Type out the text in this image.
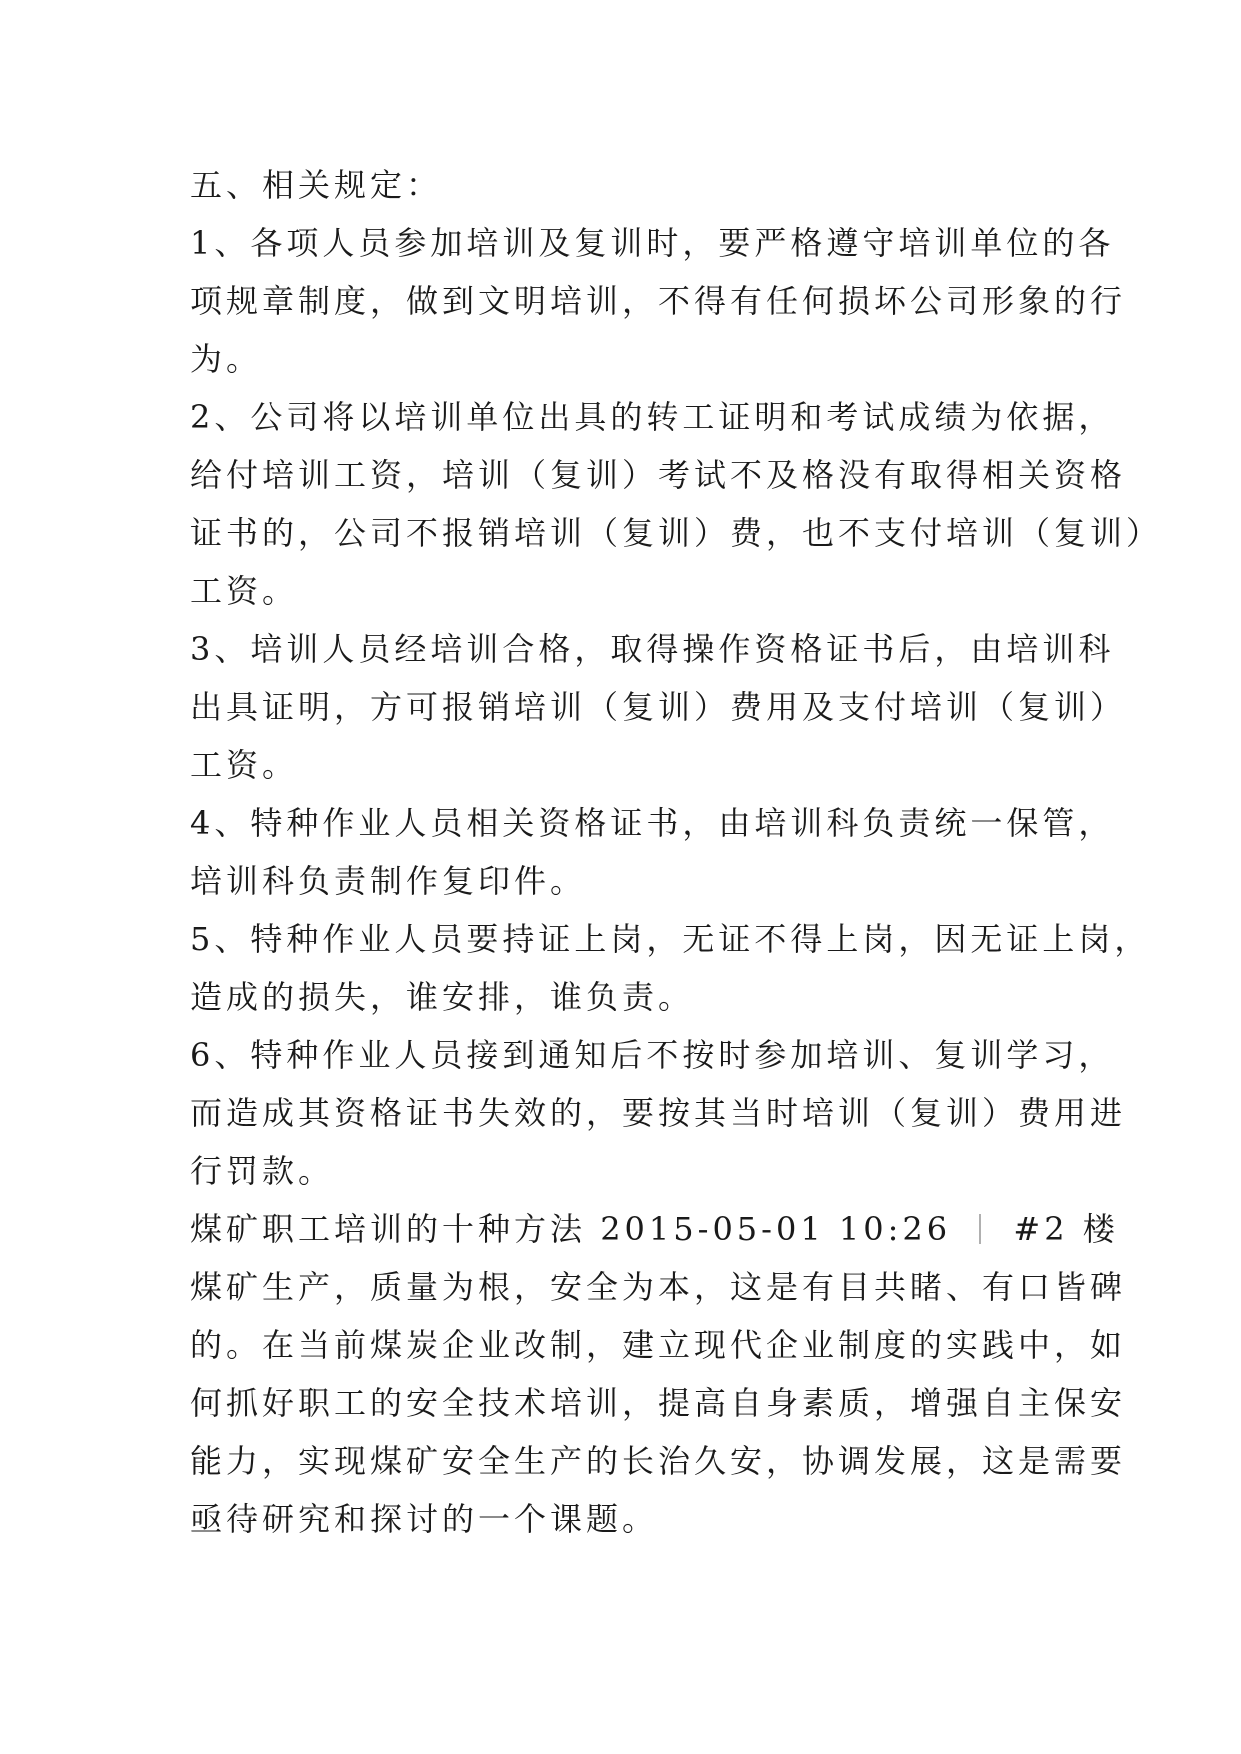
五、相关规定：
1、各项人员参加培训及复训时，要严格遵守培训单位的各
项规章制度，做到文明培训，不得有任何损坏公司形象的行
为。
2、公司将以培训单位出具的转工证明和考试成绩为依据，
给付培训工资，培训（复训）考试不及格没有取得相关资格
证书的，公司不报销培训（复训）费，也不支付培训（复训）
工资。
3、培训人员经培训合格，取得操作资格证书后，由培训科
出具证明，方可报销培训（复训）费用及支付培训（复训）
工资。
4、特种作业人员相关资格证书，由培训科负责统一保管，
培训科负责制作复印件。
5、特种作业人员要持证上岗，无证不得上岗，因无证上岗，
造成的损失，谁安排，谁负责。
6、特种作业人员接到通知后不按时参加培训、复训学习，
而造成其资格证书失效的，要按其当时培训（复训）费用进
行罚款。
煤矿职工培训的十种方法 2015-05-01 10:26 #2 楼
煤矿生产，质量为根，安全为本，这是有目共睹、有口皆碑
的。在当前煤炭企业改制，建立现代企业制度的实践中，如
何抓好职工的安全技术培训，提高自身素质，增强自主保安
能力，实现煤矿安全生产的长治久安，协调发展，这是需要
亟待研究和探讨的一个课题。
